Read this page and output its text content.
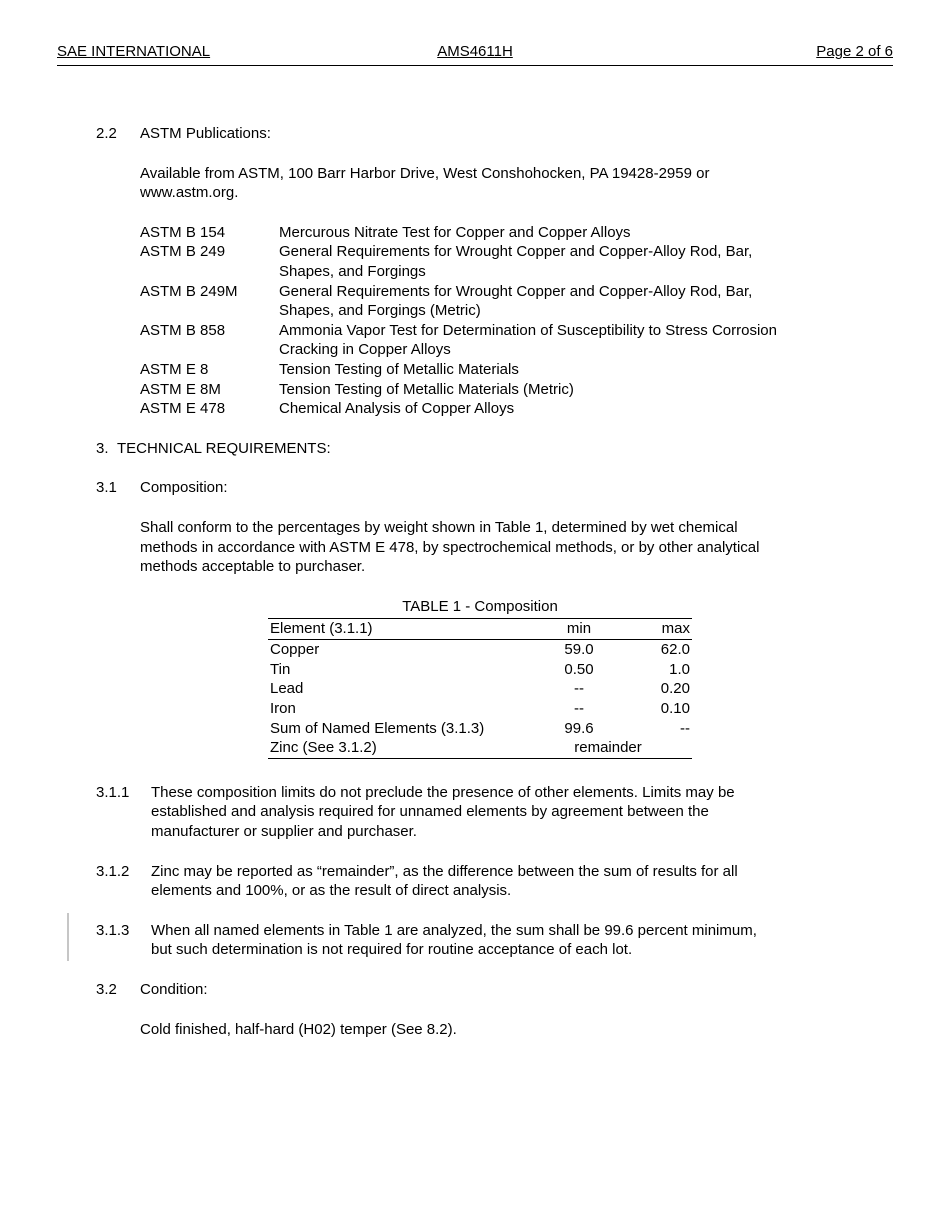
SAE INTERNATIONAL	AMS4611H	Page 2 of 6
2.2	ASTM Publications:
Available from ASTM, 100 Barr Harbor Drive, West Conshohocken, PA 19428-2959 or
www.astm.org.
ASTM B 154	Mercurous Nitrate Test for Copper and Copper Alloys
ASTM B 249	General Requirements for Wrought Copper and Copper-Alloy Rod, Bar,
Shapes, and Forgings
ASTM B 249M	General Requirements for Wrought Copper and Copper-Alloy Rod, Bar,
Shapes, and Forgings (Metric)
ASTM B 858	Ammonia Vapor Test for Determination of Susceptibility to Stress Corrosion
Cracking in Copper Alloys
ASTM E 8	Tension Testing of Metallic Materials
ASTM E 8M	Tension Testing of Metallic Materials (Metric)
ASTM E 478	Chemical Analysis of Copper Alloys
3. TECHNICAL REQUIREMENTS:
3.1	Composition:
Shall conform to the percentages by weight shown in Table 1, determined by wet chemical
methods in accordance with ASTM E 478, by spectrochemical methods, or by other analytical
methods acceptable to purchaser.
TABLE 1 - Composition
Element (3.1.1)	min	max
Copper	59.0	62.0
Tin	0.50	1.0
Lead	--	0.20
Iron	--	0.10
Sum of Named Elements (3.1.3)	99.6	--
Zinc (See 3.1.2)	remainder
3.1.1	These composition limits do not preclude the presence of other elements. Limits may be
established and analysis required for unnamed elements by agreement between the
manufacturer or supplier and purchaser.
3.1.2	Zinc may be reported as “remainder”, as the difference between the sum of results for all
elements and 100%, or as the result of direct analysis.
3.1.3	When all named elements in Table 1 are analyzed, the sum shall be 99.6 percent minimum,
but such determination is not required for routine acceptance of each lot.
3.2	Condition:
Cold finished, half-hard (H02) temper (See 8.2).
